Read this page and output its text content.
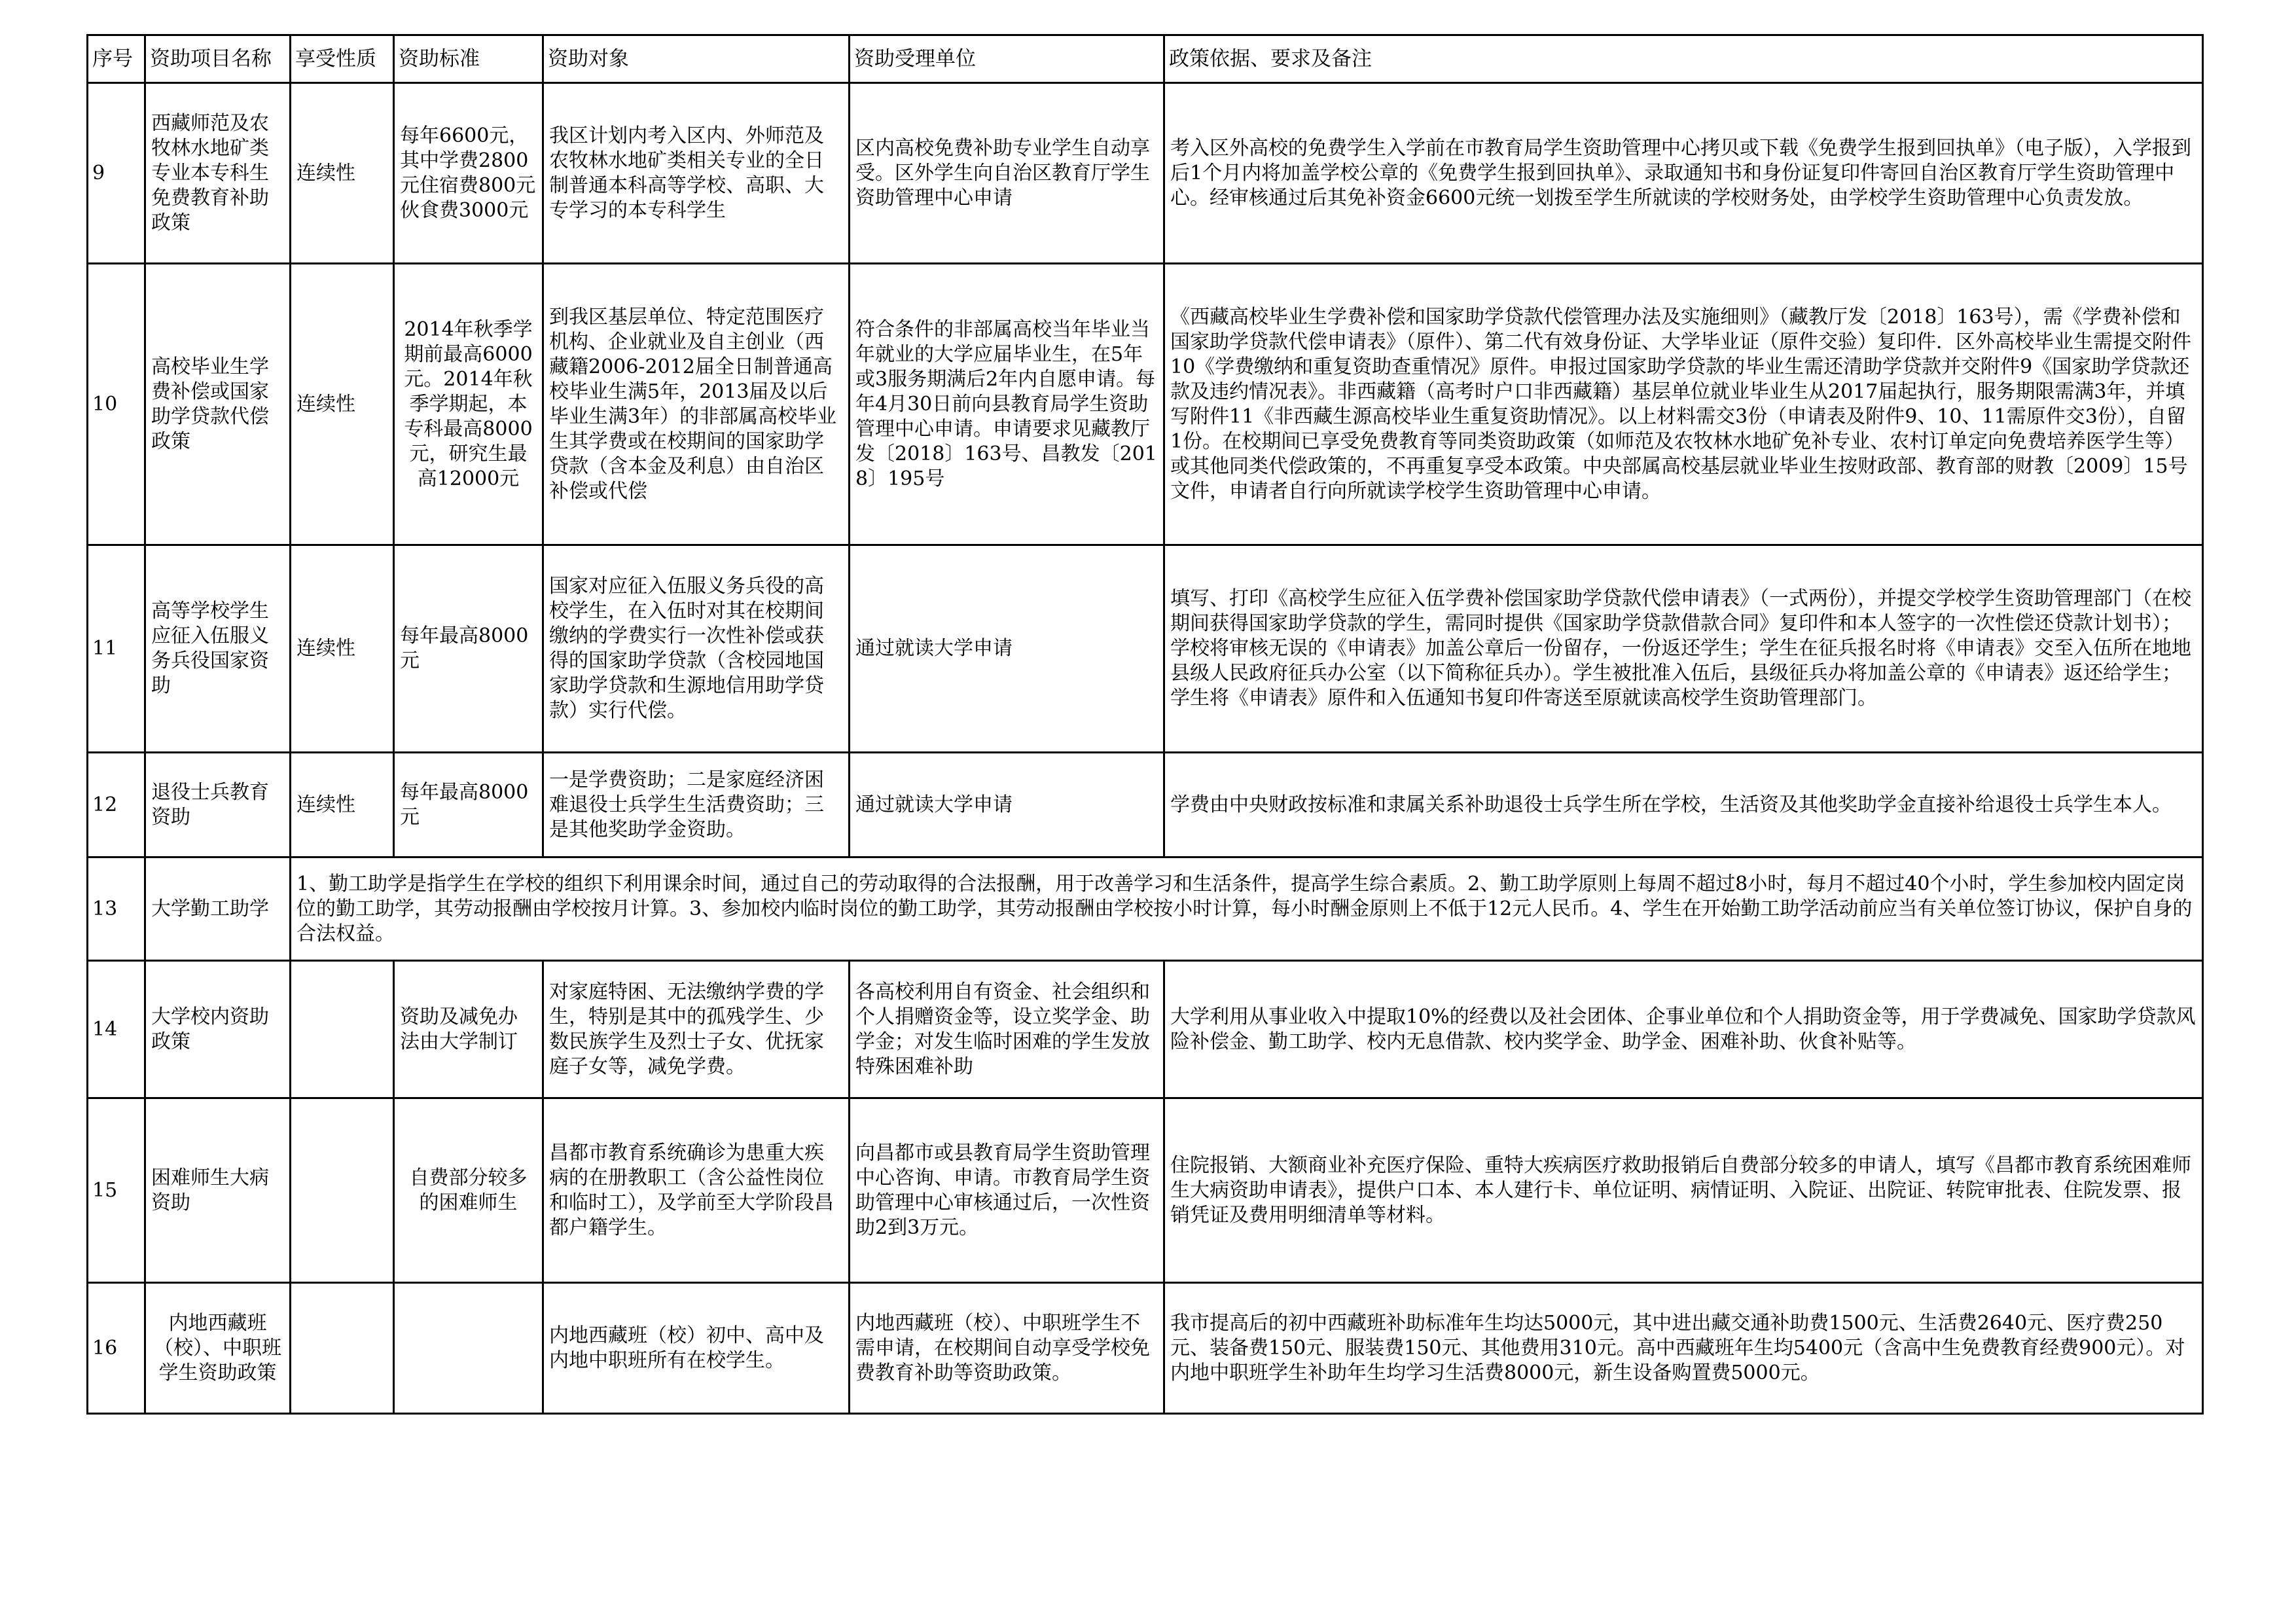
序号	资助项目名称	享受性质	资助标准	资助对象	资助受理单位	政策依据、要求及备注
9	西藏师范及农牧林水地矿类专业本专科生免费教育补助政策	连续性	每年6600元，其中学费2800元住宿费800元伙食费3000元	我区计划内考入区内、外师范及农牧林水地矿类相关专业的全日制普通本科高等学校、高职、大专学习的本专科学生	区内高校免费补助专业学生自动享受。区外学生向自治区教育厅学生资助管理中心申请	考入区外高校的免费学生入学前在市教育局学生资助管理中心拷贝或下载《免费学生报到回执单》（电子版），入学报到后1个月内将加盖学校公章的《免费学生报到回执单》、录取通知书和身份证复印件寄回自治区教育厅学生资助管理中心。经审核通过后其免补资金6600元统一划拨至学生所就读的学校财务处，由学校学生资助管理中心负责发放。
10	高校毕业生学费补偿或国家助学贷款代偿政策	连续性	2014年秋季学期前最高6000元。2014年秋季学期起，本专科最高8000元，研究生最高12000元	到我区基层单位、特定范围医疗机构、企业就业及自主创业（西藏籍2006-2012届全日制普通高校毕业生满5年，2013届及以后毕业生满3年）的非部属高校毕业生其学费或在校期间的国家助学贷款（含本金及利息）由自治区补偿或代偿	符合条件的非部属高校当年毕业当年就业的大学应届毕业生，在5年或3服务期满后2年内自愿申请。每年4月30日前向县教育局学生资助管理中心申请。申请要求见藏教厅发〔2018〕163号、昌教发〔2018〕195号	《西藏高校毕业生学费补偿和国家助学贷款代偿管理办法及实施细则》（藏教厅发〔2018〕163号），需《学费补偿和国家助学贷款代偿申请表》（原件）、第二代有效身份证、大学毕业证（原件交验）复印件．区外高校毕业生需提交附件10《学费缴纳和重复资助查重情况》原件。申报过国家助学贷款的毕业生需还清助学贷款并交附件9《国家助学贷款还款及违约情况表》。非西藏籍（高考时户口非西藏籍）基层单位就业毕业生从2017届起执行，服务期限需满3年，并填写附件11《非西藏生源高校毕业生重复资助情况》。以上材料需交3份（申请表及附件9、10、11需原件交3份），自留1份。在校期间已享受免费教育等同类资助政策（如师范及农牧林水地矿免补专业、农村订单定向免费培养医学生等）或其他同类代偿政策的，不再重复享受本政策。中央部属高校基层就业毕业生按财政部、教育部的财教〔2009〕15号文件，申请者自行向所就读学校学生资助管理中心申请。
11	高等学校学生应征入伍服义务兵役国家资助	连续性	每年最高8000元	国家对应征入伍服义务兵役的高校学生，在入伍时对其在校期间缴纳的学费实行一次性补偿或获得的国家助学贷款（含校园地国家助学贷款和生源地信用助学贷款）实行代偿。	通过就读大学申请	填写、打印《高校学生应征入伍学费补偿国家助学贷款代偿申请表》（一式两份），并提交学校学生资助管理部门（在校期间获得国家助学贷款的学生，需同时提供《国家助学贷款借款合同》复印件和本人签字的一次性偿还贷款计划书）；学校将审核无误的《申请表》加盖公章后一份留存，一份返还学生；学生在征兵报名时将《申请表》交至入伍所在地地县级人民政府征兵办公室（以下简称征兵办）。学生被批准入伍后，县级征兵办将加盖公章的《申请表》返还给学生；学生将《申请表》原件和入伍通知书复印件寄送至原就读高校学生资助管理部门。
12	退役士兵教育资助	连续性	每年最高8000元	一是学费资助；二是家庭经济困难退役士兵学生生活费资助；三是其他奖助学金资助。	通过就读大学申请	学费由中央财政按标准和隶属关系补助退役士兵学生所在学校，生活资及其他奖助学金直接补给退役士兵学生本人。
13	大学勤工助学	1、勤工助学是指学生在学校的组织下利用课余时间，通过自己的劳动取得的合法报酬，用于改善学习和生活条件，提高学生综合素质。2、勤工助学原则上每周不超过8小时，每月不超过40个小时，学生参加校内固定岗位的勤工助学，其劳动报酬由学校按月计算。3、参加校内临时岗位的勤工助学，其劳动报酬由学校按小时计算，每小时酬金原则上不低于12元人民币。4、学生在开始勤工助学活动前应当有关单位签订协议，保护自身的合法权益。				
14	大学校内资助政策		资助及减免办法由大学制订	对家庭特困、无法缴纳学费的学生，特别是其中的孤残学生、少数民族学生及烈士子女、优抚家庭子女等，减免学费。	各高校利用自有资金、社会组织和个人捐赠资金等，设立奖学金、助学金；对发生临时困难的学生发放特殊困难补助	大学利用从事业收入中提取10%的经费以及社会团体、企事业单位和个人捐助资金等，用于学费减免、国家助学贷款风险补偿金、勤工助学、校内无息借款、校内奖学金、助学金、困难补助、伙食补贴等。
15	困难师生大病资助		自费部分较多的困难师生	昌都市教育系统确诊为患重大疾病的在册教职工（含公益性岗位和临时工），及学前至大学阶段昌都户籍学生。	向昌都市或县教育局学生资助管理中心咨询、申请。市教育局学生资助管理中心审核通过后，一次性资助2到3万元。	住院报销、大额商业补充医疗保险、重特大疾病医疗救助报销后自费部分较多的申请人，填写《昌都市教育系统困难师生大病资助申请表》，提供户口本、本人建行卡、单位证明、病情证明、入院证、出院证、转院审批表、住院发票、报销凭证及费用明细清单等材料。
16	内地西藏班（校）、中职班学生资助政策			内地西藏班（校）初中、高中及内地中职班所有在校学生。	内地西藏班（校）、中职班学生不需申请，在校期间自动享受学校免费教育补助等资助政策。	我市提高后的初中西藏班补助标准年生均达5000元，其中进出藏交通补助费1500元、生活费2640元、医疗费250元、装备费150元、服装费150元、其他费用310元。高中西藏班年生均5400元（含高中生免费教育经费900元）。对内地中职班学生补助年生均学习生活费8000元，新生设备购置费5000元。
